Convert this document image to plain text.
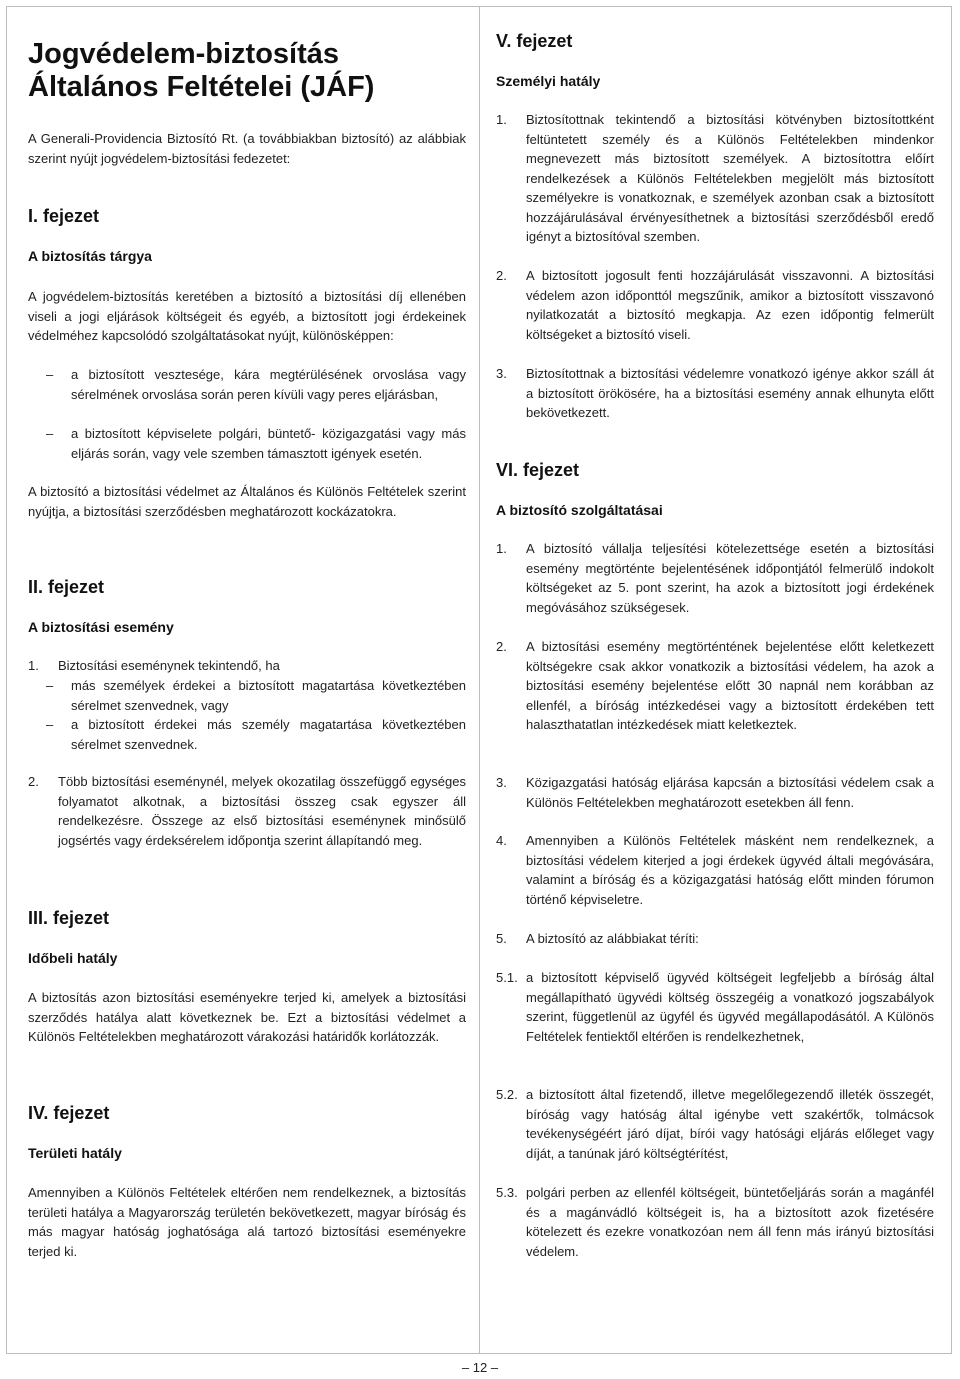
Jogvédelem-biztosítás Általános Feltételei (JÁF)
A Generali-Providencia Biztosító Rt. (a továbbiakban biztosító) az alábbiak szerint nyújt jogvédelem-biztosítási fedezetet:
I. fejezet
A biztosítás tárgya
A jogvédelem-biztosítás keretében a biztosító a biztosítási díj ellenében viseli a jogi eljárások költségeit és egyéb, a biztosított jogi érdekeinek védelméhez kapcsolódó szolgáltatásokat nyújt, különösképpen:
–	a biztosított vesztesége, kára megtérülésének orvoslása vagy sérelmének orvoslása során peren kívüli vagy peres eljárásban,
–	a biztosított képviselete polgári, büntető- közigazgatási vagy más eljárás során, vagy vele szemben támasztott igények esetén.
A biztosító a biztosítási védelmet az Általános és Különös Feltételek szerint nyújtja, a biztosítási szerződésben meghatározott kockázatokra.
II. fejezet
A biztosítási esemény
1.	Biztosítási eseménynek tekintendő, ha
–	más személyek érdekei a biztosított magatartása következtében sérelmet szenvednek, vagy
–	a biztosított érdekei más személy magatartása következtében sérelmet szenvednek.
2.	Több biztosítási eseménynél, melyek okozatilag összefüggő egységes folyamatot alkotnak, a biztosítási összeg csak egyszer áll rendelkezésre. Összege az első biztosítási eseménynek minősülő jogsértés vagy érdeksérelem időpontja szerint állapítandó meg.
III. fejezet
Időbeli hatály
A biztosítás azon biztosítási eseményekre terjed ki, amelyek a biztosítási szerződés hatálya alatt következnek be. Ezt a biztosítási védelmet a Különös Feltételekben meghatározott várakozási határidők korlátozzák.
IV. fejezet
Területi hatály
Amennyiben a Különös Feltételek eltérően nem rendelkeznek, a biztosítás területi hatálya a Magyarország területén bekövetkezett, magyar bíróság és más magyar hatóság joghatósága alá tartozó biztosítási eseményekre terjed ki.
V. fejezet
Személyi hatály
1.	Biztosítottnak tekintendő a biztosítási kötvényben biztosítottként feltüntetett személy és a Különös Feltételekben mindenkor megnevezett más biztosított személyek. A biztosítottra előírt rendelkezések a Különös Feltételekben megjelölt más biztosított személyekre is vonatkoznak, e személyek azonban csak a biztosított hozzájárulásával érvényesíthetnek a biztosítási szerződésből eredő igényt a biztosítóval szemben.
2.	A biztosított jogosult fenti hozzájárulását visszavonni. A biztosítási védelem azon időponttól megszűnik, amikor a biztosított visszavonó nyilatkozatát a biztosító megkapja. Az ezen időpontig felmerült költségeket a biztosító viseli.
3.	Biztosítottnak a biztosítási védelemre vonatkozó igénye akkor száll át a biztosított örökösére, ha a biztosítási esemény annak elhunyta előtt bekövetkezett.
VI. fejezet
A biztosító szolgáltatásai
1.	A biztosító vállalja teljesítési kötelezettsége esetén a biztosítási esemény megtörténte bejelentésének időpontjától felmerülő indokolt költségeket az 5. pont szerint, ha azok a biztosított jogi érdekének megóvásához szükségesek.
2.	A biztosítási esemény megtörténtének bejelentése előtt keletkezett költségekre csak akkor vonatkozik a biztosítási védelem, ha azok a biztosítási esemény bejelentése előtt 30 napnál nem korábban az ellenfél, a bíróság intézkedései vagy a biztosított érdekében tett halaszthatatlan intézkedések miatt keletkeztek.
3.	Közigazgatási hatóság eljárása kapcsán a biztosítási védelem csak a Különös Feltételekben meghatározott esetekben áll fenn.
4.	Amennyiben a Különös Feltételek másként nem rendelkeznek, a biztosítási védelem kiterjed a jogi érdekek ügyvéd általi megóvására, valamint a bíróság és a közigazgatási hatóság előtt minden fórumon történő képviseletre.
5.	A biztosító az alábbiakat téríti:
5.1. a biztosított képviselő ügyvéd költségeit legfeljebb a bíróság által megállapítható ügyvédi költség összegéig a vonatkozó jogszabályok szerint, függetlenül az ügyfél és ügyvéd megállapodásától. A Különös Feltételek fentiektől eltérően is rendelkezhetnek,
5.2. a biztosított által fizetendő, illetve megelőlegezendő illeték összegét, bíróság vagy hatóság által igénybe vett szakértők, tolmácsok tevékenységéért járó díjat, bírói vagy hatósági eljárás előleget vagy díját, a tanúnak járó költségtérítést,
5.3. polgári perben az ellenfél költségeit, büntetőeljárás során a magánfél és a magánvádló költségeit is, ha a biztosított azok fizetésére kötelezett és ezekre vonatkozóan nem áll fenn más irányú biztosítási védelem.
– 12 –
